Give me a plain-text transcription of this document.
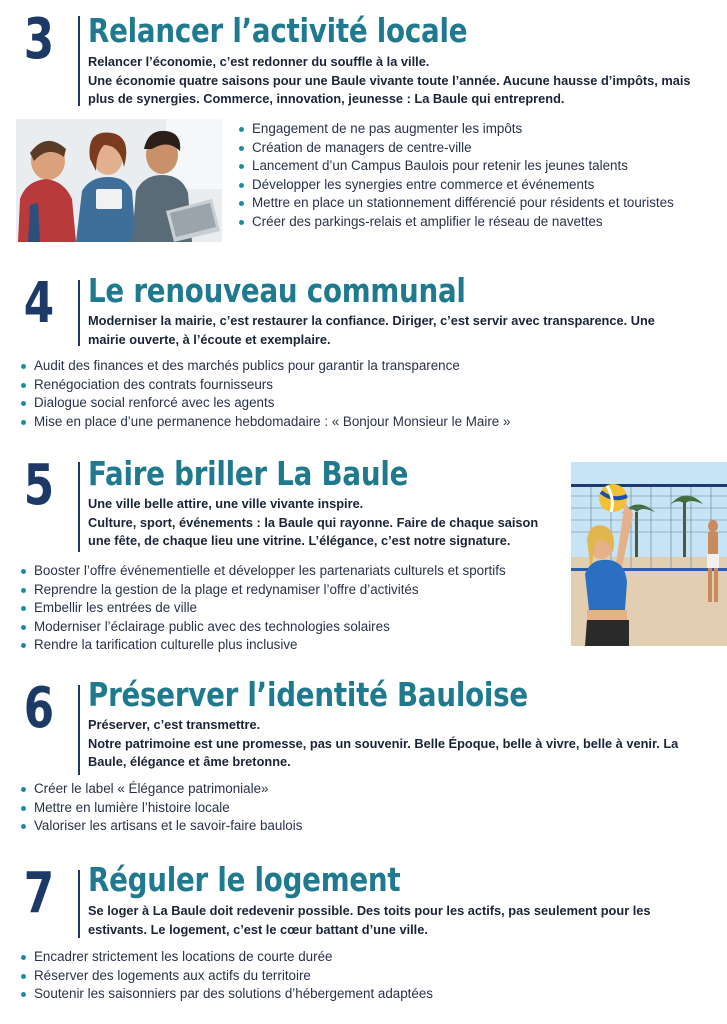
3 Relancer l’activité locale
Relancer l’économie, c’est redonner du souffle à la ville.
Une économie quatre saisons pour une Baule vivante toute l’année. Aucune hausse d’impôts, mais plus de synergies. Commerce, innovation, jeunesse : La Baule qui entreprend.
Engagement de ne pas augmenter les impôts
Création de managers de centre-ville
Lancement d’un Campus Baulois pour retenir les jeunes talents
Développer les synergies entre commerce et événements
Mettre en place un stationnement différencié pour résidents et touristes
Créer des parkings-relais et amplifier le réseau de navettes
4 Le renouveau communal
Moderniser la mairie, c’est restaurer la confiance. Diriger, c’est servir avec transparence. Une mairie ouverte, à l’écoute et exemplaire.
Audit des finances et des marchés publics pour garantir la transparence
Renégociation des contrats fournisseurs
Dialogue social renforcé avec les agents
Mise en place d’une permanence hebdomadaire : « Bonjour Monsieur le Maire »
5 Faire briller La Baule
Une ville belle attire, une ville vivante inspire.
Culture, sport, événements : la Baule qui rayonne. Faire de chaque saison une fête, de chaque lieu une vitrine. L’élégance, c’est notre signature.
Booster l’offre événementielle et développer les partenariats culturels et sportifs
Reprendre la gestion de la plage et redynamiser l’offre d’activités
Embellir les entrées de ville
Moderniser l’éclairage public avec des technologies solaires
Rendre la tarification culturelle plus inclusive
6 Préserver l’identité Bauloise
Préserver, c’est transmettre.
Notre patrimoine est une promesse, pas un souvenir. Belle Époque, belle à vivre, belle à venir. La Baule, élégance et âme bretonne.
Créer le label « Élégance patrimoniale»
Mettre en lumière l’histoire locale
Valoriser les artisans et le savoir-faire baulois
7 Réguler le logement
Se loger à La Baule doit redevenir possible. Des toits pour les actifs, pas seulement pour les estivants. Le logement, c’est le cœur battant d’une ville.
Encadrer strictement les locations de courte durée
Réserver des logements aux actifs du territoire
Soutenir les saisonniers par des solutions d’hébergement adaptées
